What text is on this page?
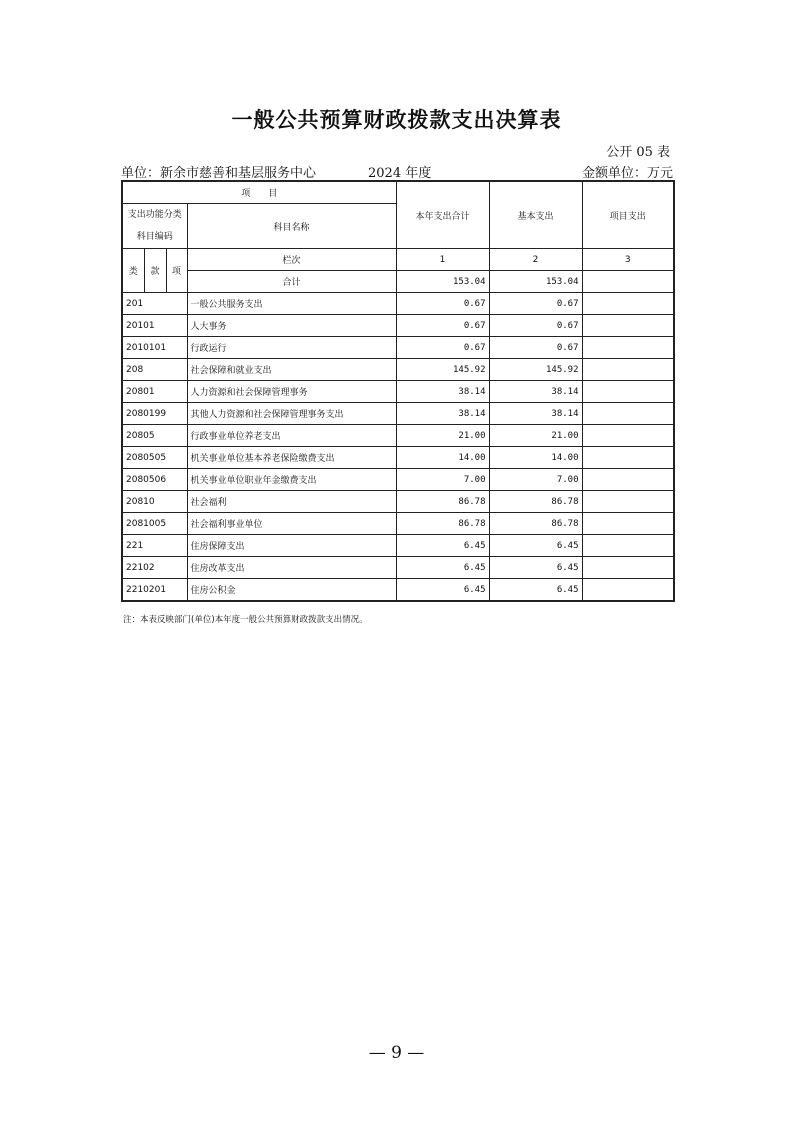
一般公共预算财政拨款支出决算表
公开 05 表
单位：新余市慈善和基层服务中心	2024 年度	金额单位：万元
项　　目				本年支出合计	基本支出	项目支出

支出功能分类
科目编码			科目名称			

类	款	项	栏次	1	2	3
			合计	153.04	153.04	
201			一般公共服务支出	0.67	0.67	
20101			人大事务	0.67	0.67	
2010101			行政运行	0.67	0.67	
208			社会保障和就业支出	145.92	145.92	
20801			人力资源和社会保障管理事务	38.14	38.14	
2080199			其他人力资源和社会保障管理事务支出	38.14	38.14	
20805			行政事业单位养老支出	21.00	21.00	
2080505			机关事业单位基本养老保险缴费支出	14.00	14.00	
2080506			机关事业单位职业年金缴费支出	7.00	7.00	
20810			社会福利	86.78	86.78	
2081005			社会福利事业单位	86.78	86.78	
221			住房保障支出	6.45	6.45	
22102			住房改革支出	6.45	6.45	
2210201			住房公积金	6.45	6.45	
注：本表反映部门(单位)本年度一般公共预算财政拨款支出情况。
— 9 —
